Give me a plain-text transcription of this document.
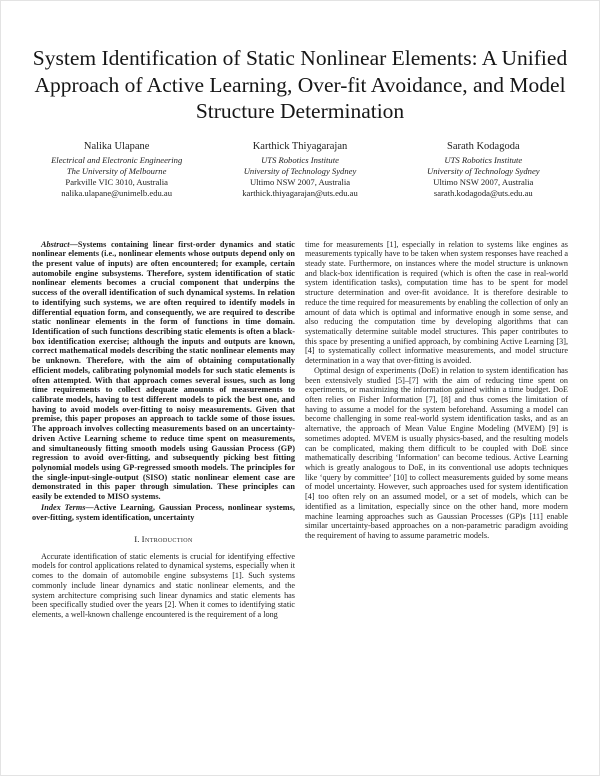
System Identification of Static Nonlinear Elements: A Unified Approach of Active Learning, Over-fit Avoidance, and Model Structure Determination
Nalika Ulapane
Electrical and Electronic Engineering
The University of Melbourne
Parkville VIC 3010, Australia
nalika.ulapane@unimelb.edu.au
Karthick Thiyagarajan
UTS Robotics Institute
University of Technology Sydney
Ultimo NSW 2007, Australia
karthick.thiyagarajan@uts.edu.au
Sarath Kodagoda
UTS Robotics Institute
University of Technology Sydney
Ultimo NSW 2007, Australia
sarath.kodagoda@uts.edu.au

Abstract—Systems containing linear first-order dynamics and static nonlinear elements (i.e., nonlinear elements whose outputs depend only on the present value of inputs) are often encountered; for example, certain automobile engine subsystems. Therefore, system identification of static nonlinear elements becomes a crucial component that underpins the success of the overall identification of such dynamical systems. In relation to identifying such systems, we are often required to identify models in differential equation form, and consequently, we are required to describe static nonlinear elements in the form of functions in time domain. Identification of such functions describing static elements is often a black-box identification exercise; although the inputs and outputs are known, correct mathematical models describing the static nonlinear elements may be unknown. Therefore, with the aim of obtaining computationally efficient models, calibrating polynomial models for such static elements is often attempted. With that approach comes several issues, such as long time requirements to collect adequate amounts of measurements to calibrate models, having to test different models to pick the best one, and having to avoid models over-fitting to noisy measurements. Given that premise, this paper proposes an approach to tackle some of those issues. The approach involves collecting measurements based on an uncertainty-driven Active Learning scheme to reduce time spent on measurements, and simultaneously fitting smooth models using Gaussian Process (GP) regression to avoid over-fitting, and subsequently picking best fitting polynomial models using GP-regressed smooth models. The principles for the single-input-single-output (SISO) static nonlinear element case are demonstrated in this paper through simulation. These principles can easily be extended to MISO systems.

Index Terms—Active Learning, Gaussian Process, nonlinear systems, over-fitting, system identification, uncertainty

I. Introduction

Accurate identification of static elements is crucial for identifying effective models for control applications related to dynamical systems, especially when it comes to the domain of automobile engine subsystems [1]. Such systems commonly include linear dynamics and static nonlinear elements, and the system architecture comprising such linear dynamics and static elements has been specifically studied over the years [2]. When it comes to identifying static elements, a well-known challenge encountered is the requirement of a long

time for measurements [1], especially in relation to systems like engines as measurements typically have to be taken when system responses have reached a steady state. Furthermore, on instances where the model structure is unknown and black-box identification is required (which is often the case in real-world system identification tasks), computation time has to be spent for model structure determination and over-fit avoidance. It is therefore desirable to reduce the time required for measurements by enabling the collection of only an amount of data which is optimal and informative enough in some sense, and also reducing the computation time by developing algorithms that can systematically determine suitable model structures. This paper contributes to this space by presenting a unified approach, by combining Active Learning [3], [4] to systematically collect informative measurements, and model structure determination in a way that over-fitting is avoided.

Optimal design of experiments (DoE) in relation to system identification has been extensively studied [5]–[7] with the aim of reducing time spent on experiments, or maximizing the information gained within a time budget. DoE often relies on Fisher Information [7], [8] and thus comes the limitation of having to assume a model for the system beforehand. Assuming a model can become challenging in some real-world system identification tasks, and as an alternative, the approach of Mean Value Engine Modeling (MVEM) [9] is sometimes adopted. MVEM is usually physics-based, and the resulting models can be complicated, making them difficult to be coupled with DoE since mathematically describing ‘Information’ can become tedious. Active Learning which is greatly analogous to DoE, in its conventional use adopts techniques like ‘query by committee’ [10] to collect measurements guided by some means of model uncertainty. However, such approaches used for system identification [4] too often rely on an assumed model, or a set of models, which can be identified as a limitation, especially since on the other hand, more modern machine learning approaches such as Gaussian Processes (GP)s [11] enable similar uncertainty-based approaches on a non-parametric paradigm avoiding the requirement of having to assume parametric models.
